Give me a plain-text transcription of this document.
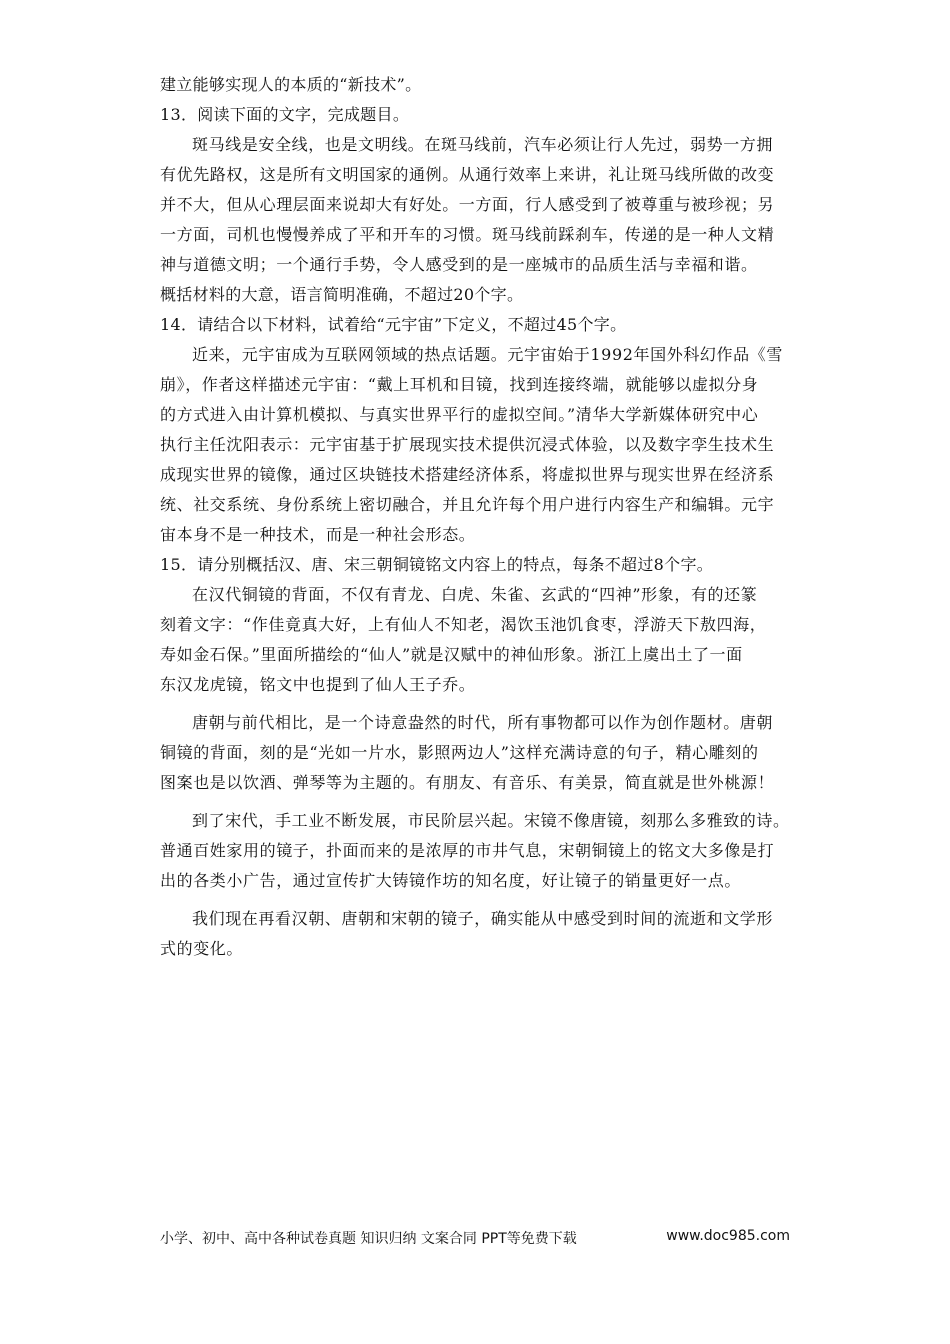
建立能够实现人的本质的“新技术”。

13．阅读下面的文字，完成题目。

斑马线是安全线，也是文明线。在斑马线前，汽车必须让行人先过，弱势一方拥

有优先路权，这是所有文明国家的通例。从通行效率上来讲，礼让斑马线所做的改变

并不大，但从心理层面来说却大有好处。一方面，行人感受到了被尊重与被珍视；另

一方面，司机也慢慢养成了平和开车的习惯。斑马线前踩刹车，传递的是一种人文精

神与道德文明；一个通行手势，令人感受到的是一座城市的品质生活与幸福和谐。

概括材料的大意，语言简明准确，不超过20个字。

14．请结合以下材料，试着给“元宇宙”下定义，不超过45个字。

近来，元宇宙成为互联网领域的热点话题。元宇宙始于1992年国外科幻作品《雪

崩》，作者这样描述元宇宙：“戴上耳机和目镜，找到连接终端，就能够以虚拟分身

的方式进入由计算机模拟、与真实世界平行的虚拟空间。”清华大学新媒体研究中心

执行主任沈阳表示：元宇宙基于扩展现实技术提供沉浸式体验，以及数字孪生技术生

成现实世界的镜像，通过区块链技术搭建经济体系，将虚拟世界与现实世界在经济系

统、社交系统、身份系统上密切融合，并且允许每个用户进行内容生产和编辑。元宇

宙本身不是一种技术，而是一种社会形态。

15．请分别概括汉、唐、宋三朝铜镜铭文内容上的特点，每条不超过8个字。

在汉代铜镜的背面，不仅有青龙、白虎、朱雀、玄武的“四神”形象，有的还篆

刻着文字：“作佳竟真大好，上有仙人不知老，渴饮玉池饥食枣，浮游天下敖四海，

寿如金石保。”里面所描绘的“仙人”就是汉赋中的神仙形象。浙江上虞出土了一面

东汉龙虎镜，铭文中也提到了仙人王子乔。

唐朝与前代相比，是一个诗意盎然的时代，所有事物都可以作为创作题材。唐朝

铜镜的背面，刻的是“光如一片水，影照两边人”这样充满诗意的句子，精心雕刻的

图案也是以饮酒、弹琴等为主题的。有朋友、有音乐、有美景，简直就是世外桃源！

到了宋代，手工业不断发展，市民阶层兴起。宋镜不像唐镜，刻那么多雅致的诗。

普通百姓家用的镜子，扑面而来的是浓厚的市井气息，宋朝铜镜上的铭文大多像是打

出的各类小广告，通过宣传扩大铸镜作坊的知名度，好让镜子的销量更好一点。

我们现在再看汉朝、唐朝和宋朝的镜子，确实能从中感受到时间的流逝和文学形

式的变化。

小学、初中、高中各种试卷真题 知识归纳 文案合同 PPT等免费下载	www.doc985.com
